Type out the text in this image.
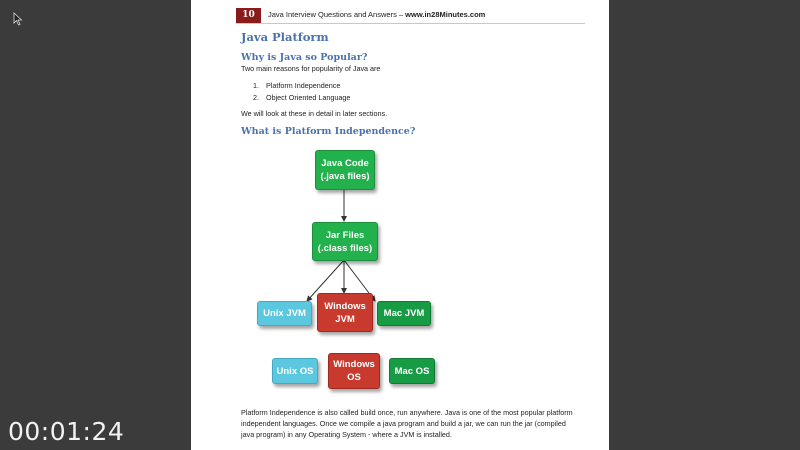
10	Java Interview Questions and Answers – www.in28Minutes.com
Java Platform
Why is Java so Popular?
Two main reasons for popularity of Java are
1. Platform Independence
2. Object Oriented Language
We will look at these in detail in later sections.
What is Platform Independence?
Java Code
(.java files)
Jar Files
(.class files)
Unix JVM
Windows
JVM	Mac JVM
Unix OS
Windows
OS
Mac OS
Platform Independence is also called build once, run anywhere. Java is one of the most popular platform
independent languages. Once we compile a java program and build a jar, we can run the jar (compiled
java program) in any Operating System - where a JVM is installed.
00:01:24
